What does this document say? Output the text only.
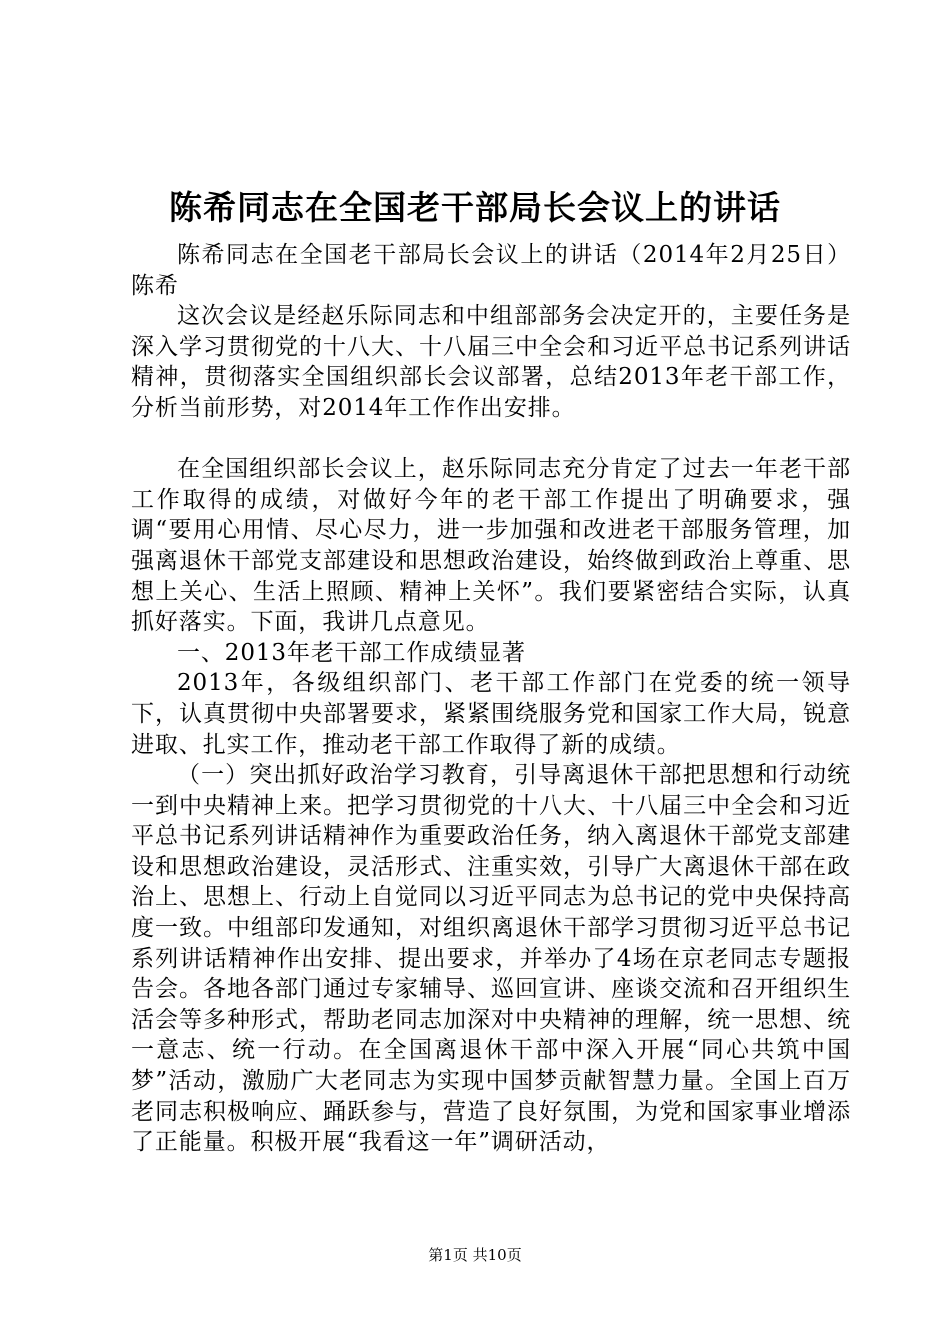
陈希同志在全国老干部局长会议上的讲话

陈希同志在全国老干部局长会议上的讲话（2014年2月25日）陈希

这次会议是经赵乐际同志和中组部部务会决定开的，主要任务是深入学习贯彻党的十八大、十八届三中全会和习近平总书记系列讲话精神，贯彻落实全国组织部长会议部署，总结2013年老干部工作，分析当前形势，对2014年工作作出安排。

在全国组织部长会议上，赵乐际同志充分肯定了过去一年老干部工作取得的成绩，对做好今年的老干部工作提出了明确要求，强调“要用心用情、尽心尽力，进一步加强和改进老干部服务管理，加强离退休干部党支部建设和思想政治建设，始终做到政治上尊重、思想上关心、生活上照顾、精神上关怀”。我们要紧密结合实际，认真抓好落实。下面，我讲几点意见。

一、2013年老干部工作成绩显著

2013年，各级组织部门、老干部工作部门在党委的统一领导下，认真贯彻中央部署要求，紧紧围绕服务党和国家工作大局，锐意进取、扎实工作，推动老干部工作取得了新的成绩。

（一）突出抓好政治学习教育，引导离退休干部把思想和行动统一到中央精神上来。把学习贯彻党的十八大、十八届三中全会和习近平总书记系列讲话精神作为重要政治任务，纳入离退休干部党支部建设和思想政治建设，灵活形式、注重实效，引导广大离退休干部在政治上、思想上、行动上自觉同以习近平同志为总书记的党中央保持高度一致。中组部印发通知，对组织离退休干部学习贯彻习近平总书记系列讲话精神作出安排、提出要求，并举办了4场在京老同志专题报告会。各地各部门通过专家辅导、巡回宣讲、座谈交流和召开组织生活会等多种形式，帮助老同志加深对中央精神的理解，统一思想、统一意志、统一行动。在全国离退休干部中深入开展“同心共筑中国梦”活动，激励广大老同志为实现中国梦贡献智慧力量。全国上百万老同志积极响应、踊跃参与，营造了良好氛围，为党和国家事业增添了正能量。积极开展“我看这一年”调研活动，

第1页 共10页
